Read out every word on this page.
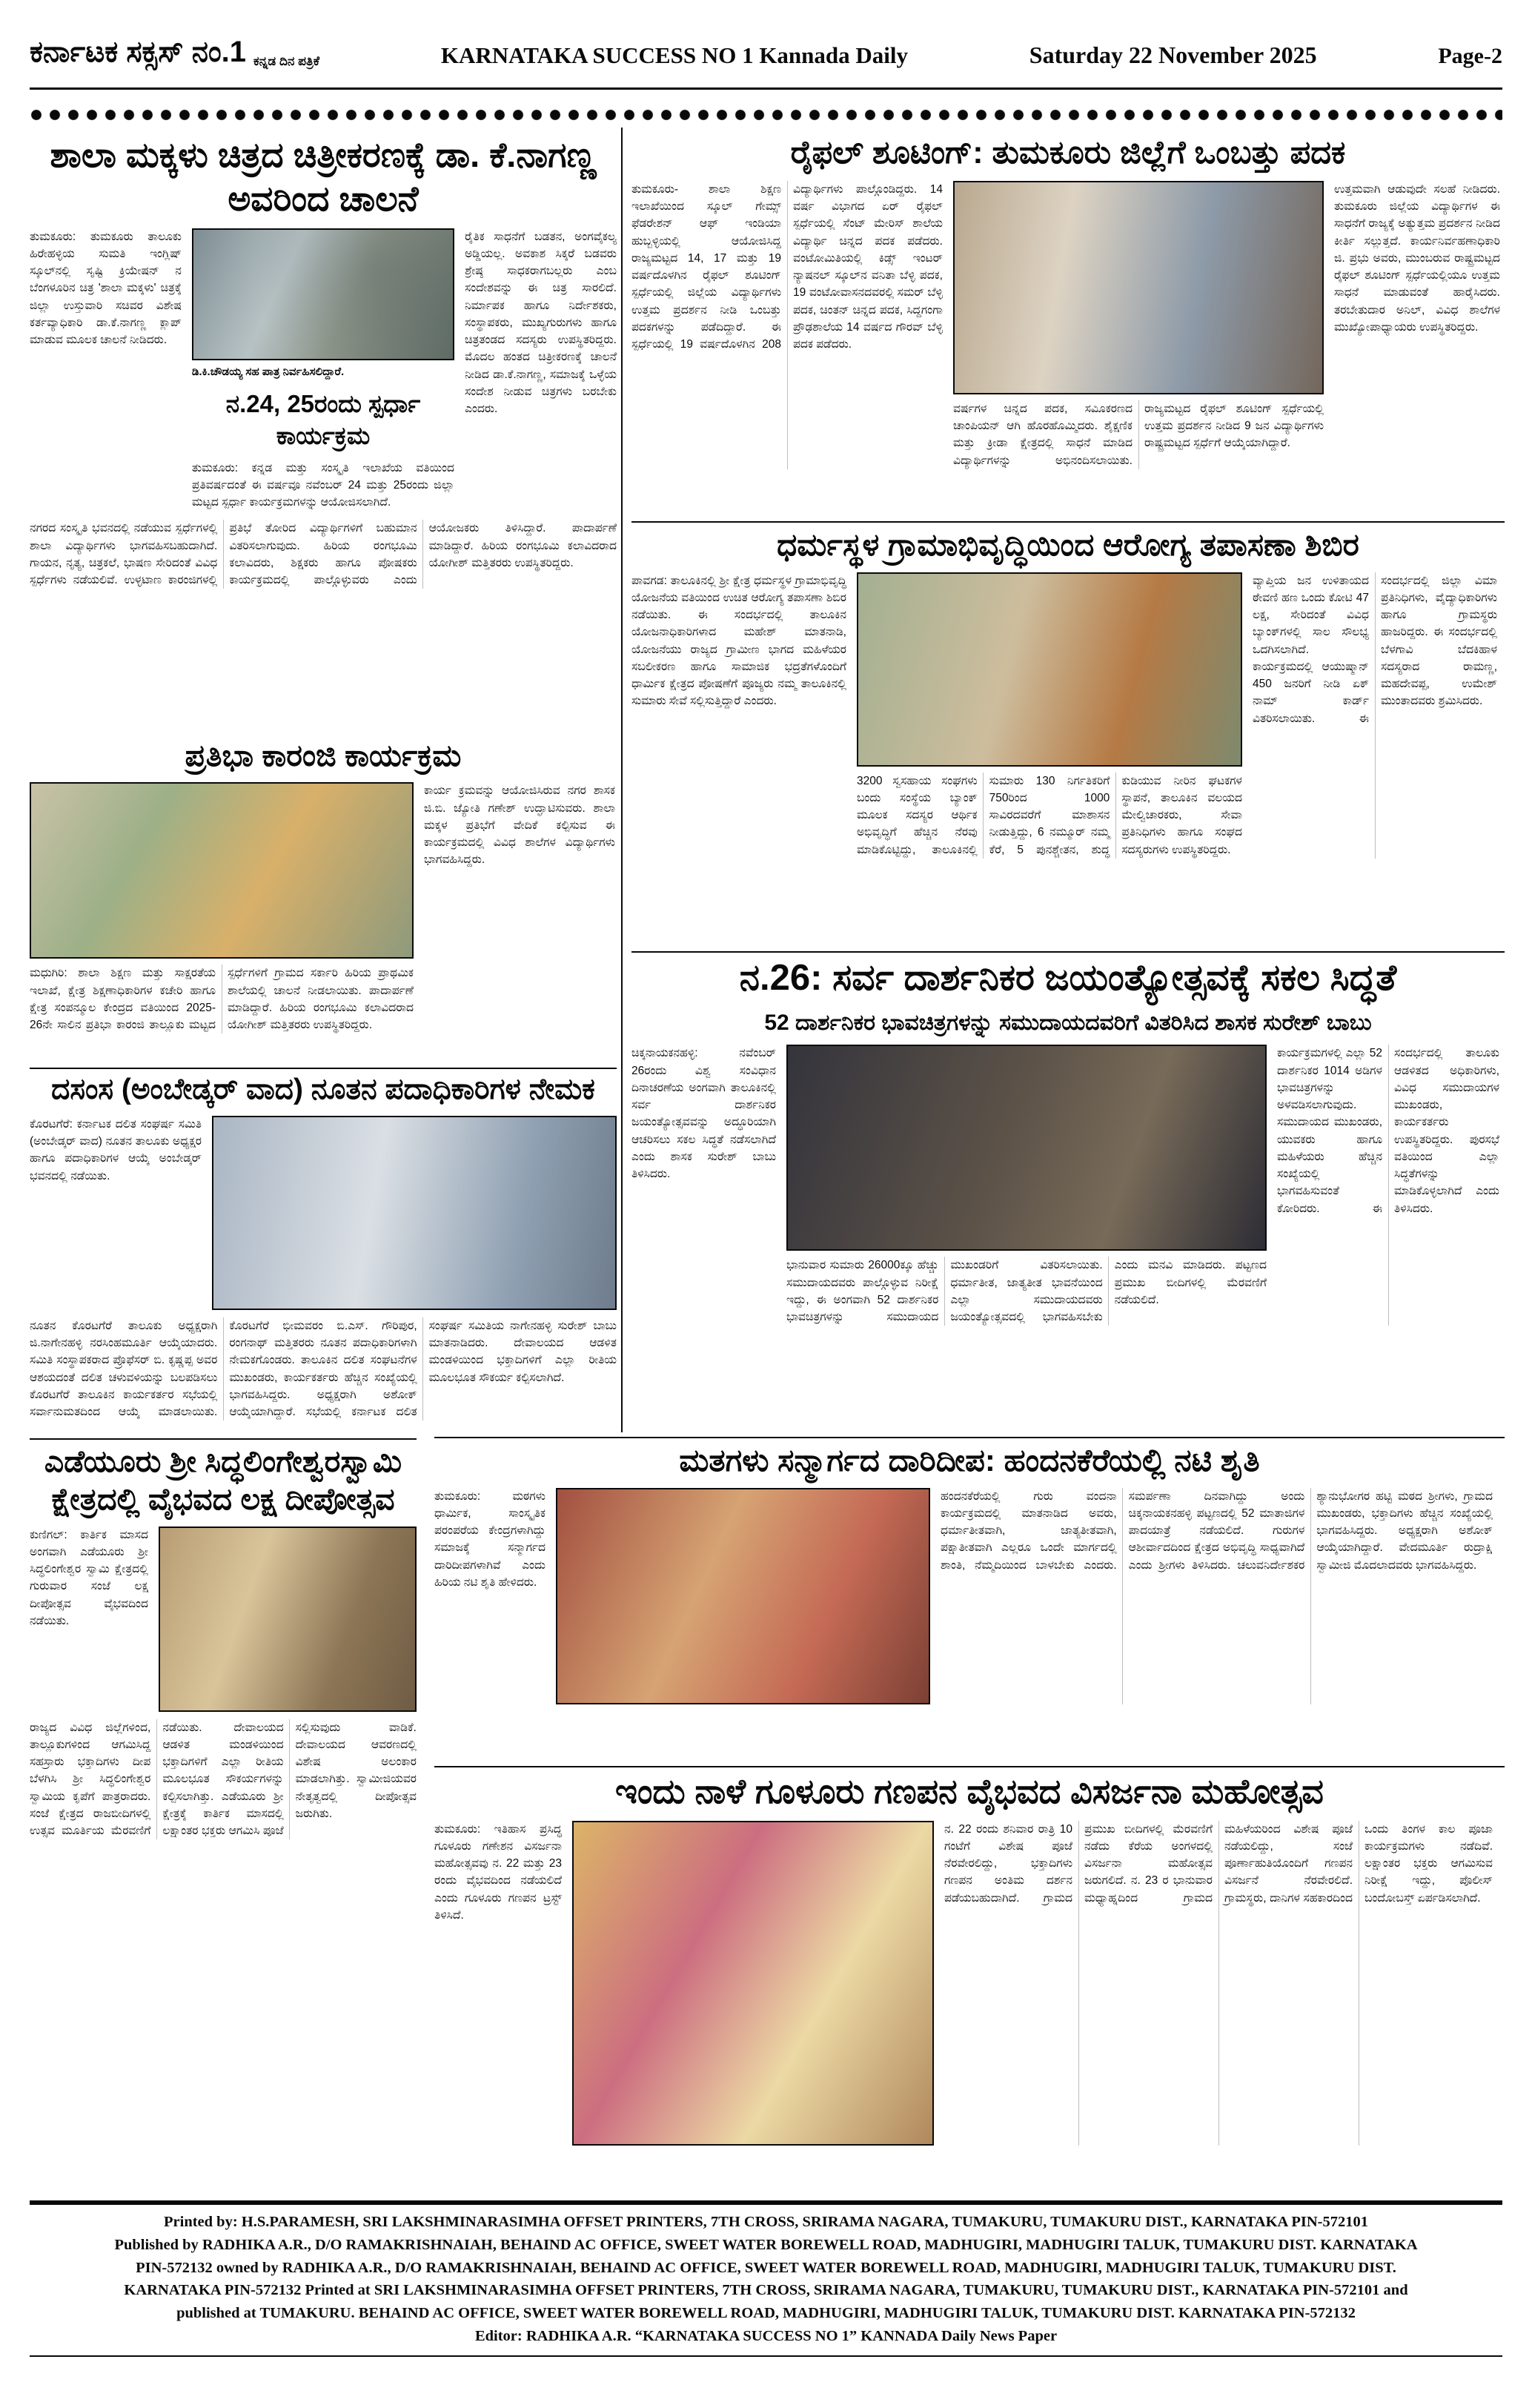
ಕರ್ನಾಟಕ ಸಕ್ಸಸ್ ನಂ.1 ಕನ್ನಡ ದಿನ ಪತ್ರಿಕೆ	KARNATAKA SUCCESS NO 1 Kannada Daily	Saturday 22 November 2025	Page-2
ಶಾಲಾ ಮಕ್ಕಳು ಚಿತ್ರದ ಚಿತ್ರೀಕರಣಕ್ಕೆ ಡಾ. ಕೆ.ನಾಗಣ್ಣ ಅವರಿಂದ ಚಾಲನೆ
ತುಮಕೂರು: ತುಮಕೂರು ತಾಲೂಕು ಹಿರೇಹಳ್ಳಿಯ ಸುಮತಿ ಇಂಗ್ಲಿಷ್ ಸ್ಕೂಲ್‌ನಲ್ಲಿ ಸೃಷ್ಟಿ ಕ್ರಿಯೇಷನ್ ನ ಬೆಂಗಳೂರಿನ ಚಿತ್ರ 'ಶಾಲಾ ಮಕ್ಕಳು' ಚಿತ್ರಕ್ಕೆ ಜಿಲ್ಲಾ ಉಸ್ತುವಾರಿ ಸಚಿವರ ವಿಶೇಷ ಕರ್ತವ್ಯಾಧಿಕಾರಿ ಡಾ.ಕೆ.ನಾಗಣ್ಣ ಕ್ಲಾಪ್ ಮಾಡುವ ಮೂಲಕ ಚಾಲನೆ ನೀಡಿದರು.
ಡಿ.ಕಿ.ಚೌಡಯ್ಯ ಸಹ ಪಾತ್ರ ನಿರ್ವಹಿಸಲಿದ್ದಾರೆ.
ನ.24, 25ರಂದು ಸ್ಪರ್ಧಾ ಕಾರ್ಯಕ್ರಮ
ತುಮಕೂರು: ಕನ್ನಡ ಮತ್ತು ಸಂಸ್ಕೃತಿ ಇಲಾಖೆಯ ವತಿಯಿಂದ ಪ್ರತಿವರ್ಷದಂತೆ ಈ ವರ್ಷವೂ ನವೆಂಬರ್ 24 ಮತ್ತು 25ರಂದು ಜಿಲ್ಲಾ ಮಟ್ಟದ ಸ್ಪರ್ಧಾ ಕಾರ್ಯಕ್ರಮಗಳನ್ನು ಆಯೋಜಿಸಲಾಗಿದೆ.
ರೈತಿಕ ಸಾಧನೆಗೆ ಬಡತನ, ಅಂಗವೈಕಲ್ಯ ಅಡ್ಡಿಯಲ್ಲ. ಅವಕಾಶ ಸಿಕ್ಕರೆ ಬಡವರು ಶ್ರೇಷ್ಠ ಸಾಧಕರಾಗಬಲ್ಲರು ಎಂಬ ಸಂದೇಶವನ್ನು ಈ ಚಿತ್ರ ಸಾರಲಿದೆ. ನಿರ್ಮಾಪಕ ಹಾಗೂ ನಿರ್ದೇಶಕರು, ಸಂಸ್ಥಾಪಕರು, ಮುಖ್ಯಗುರುಗಳು ಹಾಗೂ ಚಿತ್ರತಂಡದ ಸದಸ್ಯರು ಉಪಸ್ಥಿತರಿದ್ದರು. ಮೊದಲ ಹಂತದ ಚಿತ್ರೀಕರಣಕ್ಕೆ ಚಾಲನೆ ನೀಡಿದ ಡಾ.ಕೆ.ನಾಗಣ್ಣ, ಸಮಾಜಕ್ಕೆ ಒಳ್ಳೆಯ ಸಂದೇಶ ನೀಡುವ ಚಿತ್ರಗಳು ಬರಬೇಕು ಎಂದರು.
ನಗರದ ಸಂಸ್ಕೃತಿ ಭವನದಲ್ಲಿ ನಡೆಯುವ ಸ್ಪರ್ಧೆಗಳಲ್ಲಿ ಶಾಲಾ ವಿದ್ಯಾರ್ಥಿಗಳು ಭಾಗವಹಿಸಬಹುದಾಗಿದೆ. ಗಾಯನ, ನೃತ್ಯ, ಚಿತ್ರಕಲೆ, ಭಾಷಣ ಸೇರಿದಂತೆ ವಿವಿಧ ಸ್ಪರ್ಧೆಗಳು ನಡೆಯಲಿವೆ. ಉಳ್ಳಟಾಣ ಕಾರಂಜಿಗಳಲ್ಲಿ ಪ್ರತಿಭೆ ತೋರಿದ ವಿದ್ಯಾರ್ಥಿಗಳಿಗೆ ಬಹುಮಾನ ವಿತರಿಸಲಾಗುವುದು. ಹಿರಿಯ ರಂಗಭೂಮಿ ಕಲಾವಿದರು, ಶಿಕ್ಷಕರು ಹಾಗೂ ಪೋಷಕರು ಕಾರ್ಯಕ್ರಮದಲ್ಲಿ ಪಾಲ್ಗೊಳ್ಳುವರು ಎಂದು ಆಯೋಜಕರು ತಿಳಿಸಿದ್ದಾರೆ. ಪಾದಾರ್ಪಣೆ ಮಾಡಿದ್ದಾರೆ. ಹಿರಿಯ ರಂಗಭೂಮಿ ಕಲಾವಿದರಾದ ಯೋಗೀಶ್ ಮತ್ತಿತರರು ಉಪಸ್ಥಿತರಿದ್ದರು.
ರೈಫಲ್ ಶೂಟಿಂಗ್: ತುಮಕೂರು ಜಿಲ್ಲೆಗೆ ಒಂಬತ್ತು ಪದಕ
ತುಮಕೂರು- ಶಾಲಾ ಶಿಕ್ಷಣ ಇಲಾಖೆಯಿಂದ ಸ್ಕೂಲ್ ಗೇಮ್ಸ್ ಫೆಡರೇಶನ್ ಆಫ್ ಇಂಡಿಯಾ ಹುಬ್ಬಳ್ಳಿಯಲ್ಲಿ ಆಯೋಜಿಸಿದ್ದ ರಾಜ್ಯಮಟ್ಟದ 14, 17 ಮತ್ತು 19 ವರ್ಷದೊಳಗಿನ ರೈಫಲ್ ಶೂಟಿಂಗ್ ಸ್ಪರ್ಧೆಯಲ್ಲಿ ಜಿಲ್ಲೆಯ ವಿದ್ಯಾರ್ಥಿಗಳು ಉತ್ತಮ ಪ್ರದರ್ಶನ ನೀಡಿ ಒಂಬತ್ತು ಪದಕಗಳನ್ನು ಪಡೆದಿದ್ದಾರೆ. ಈ ಸ್ಪರ್ಧೆಯಲ್ಲಿ 19 ವರ್ಷದೊಳಗಿನ 208 ವಿದ್ಯಾರ್ಥಿಗಳು ಪಾಲ್ಗೊಂಡಿದ್ದರು. 14 ವರ್ಷ ವಿಭಾಗದ ಏರ್ ರೈಫಲ್ ಸ್ಪರ್ಧೆಯಲ್ಲಿ ಸೆಂಟ್ ಮೇರಿಸ್ ಶಾಲೆಯ ವಿದ್ಯಾರ್ಥಿ ಚಿನ್ನದ ಪದಕ ಪಡೆದರು. ವಂಟೋಮಿತಿಯಲ್ಲಿ ಕಿಡ್ಸ್ ಇಂಟರ್ ನ್ಯಾಷನಲ್ ಸ್ಕೂಲ್‌ನ ವನಿತಾ ಬೆಳ್ಳಿ ಪದಕ, 19 ವಂಟೋವಾಸನದವರಲ್ಲಿ ಸಮರ್ ಬೆಳ್ಳಿ ಪದಕ, ಚಿಂತನ್ ಚಿನ್ನದ ಪದಕ, ಸಿದ್ದಗಂಗಾ ಪ್ರೌಢಶಾಲೆಯ 14 ವರ್ಷದ ಗೌರವ್ ಬೆಳ್ಳಿ ಪದಕ ಪಡೆದರು.
ವರ್ಷಗಳ ಚಿನ್ನದ ಪದಕ, ಸವಿೂಕರಣದ ಚಾಂಪಿಯನ್ ಆಗಿ ಹೊರಹೊಮ್ಮಿದರು. ಶೈಕ್ಷಣಿಕ ಮತ್ತು ಕ್ರೀಡಾ ಕ್ಷೇತ್ರದಲ್ಲಿ ಸಾಧನೆ ಮಾಡಿದ ವಿದ್ಯಾರ್ಥಿಗಳನ್ನು ಅಭಿನಂದಿಸಲಾಯಿತು. ರಾಜ್ಯಮಟ್ಟದ ರೈಫಲ್ ಶೂಟಿಂಗ್ ಸ್ಪರ್ಧೆಯಲ್ಲಿ ಉತ್ತಮ ಪ್ರದರ್ಶನ ನೀಡಿದ 9 ಜನ ವಿದ್ಯಾರ್ಥಿಗಳು ರಾಷ್ಟ್ರಮಟ್ಟದ ಸ್ಪರ್ಧೆಗೆ ಆಯ್ಕೆಯಾಗಿದ್ದಾರೆ.
ಉತ್ತಮವಾಗಿ ಆಡುವುದೇ ಸಲಹೆ ನೀಡಿದರು. ತುಮಕೂರು ಜಿಲ್ಲೆಯ ವಿದ್ಯಾರ್ಥಿಗಳ ಈ ಸಾಧನೆಗೆ ರಾಜ್ಯಕ್ಕೆ ಅತ್ಯುತ್ತಮ ಪ್ರದರ್ಶನ ನೀಡಿದ ಕೀರ್ತಿ ಸಲ್ಲುತ್ತದೆ. ಕಾರ್ಯನಿರ್ವಹಣಾಧಿಕಾರಿ ಜಿ. ಪ್ರಭು ಅವರು, ಮುಂಬರುವ ರಾಷ್ಟ್ರಮಟ್ಟದ ರೈಫಲ್ ಶೂಟಿಂಗ್ ಸ್ಪರ್ಧೆಯಲ್ಲಿಯೂ ಉತ್ತಮ ಸಾಧನೆ ಮಾಡುವಂತೆ ಹಾರೈಸಿದರು. ತರಬೇತುದಾರ ಅನಿಲ್, ವಿವಿಧ ಶಾಲೆಗಳ ಮುಖ್ಯೋಪಾಧ್ಯಾಯರು ಉಪಸ್ಥಿತರಿದ್ದರು.
ಧರ್ಮಸ್ಥಳ ಗ್ರಾಮಾಭಿವೃದ್ಧಿಯಿಂದ ಆರೋಗ್ಯ ತಪಾಸಣಾ ಶಿಬಿರ
ಪಾವಗಡ: ತಾಲೂಕಿನಲ್ಲಿ ಶ್ರೀ ಕ್ಷೇತ್ರ ಧರ್ಮಸ್ಥಳ ಗ್ರಾಮಾಭಿವೃದ್ಧಿ ಯೋಜನೆಯ ವತಿಯಿಂದ ಉಚಿತ ಆರೋಗ್ಯ ತಪಾಸಣಾ ಶಿಬಿರ ನಡೆಯಿತು. ಈ ಸಂದರ್ಭದಲ್ಲಿ ತಾಲೂಕಿನ ಯೋಜನಾಧಿಕಾರಿಗಳಾದ ಮಹೇಶ್ ಮಾತನಾಡಿ, ಯೋಜನೆಯು ರಾಜ್ಯದ ಗ್ರಾಮೀಣ ಭಾಗದ ಮಹಿಳೆಯರ ಸಬಲೀಕರಣ ಹಾಗೂ ಸಾಮಾಜಿಕ ಭದ್ರತೆಗಳೊಂದಿಗೆ ಧಾರ್ಮಿಕ ಕ್ಷೇತ್ರದ ಪೋಷಣೆಗೆ ಪೂಜ್ಯರು ನಮ್ಮ ತಾಲೂಕಿನಲ್ಲಿ ಸುಮಾರು ಸೇವೆ ಸಲ್ಲಿಸುತ್ತಿದ್ದಾರೆ ಎಂದರು.
3200 ಸ್ವಸಹಾಯ ಸಂಘಗಳು ಬಂದು ಸಂಸ್ಥೆಯ ಬ್ಯಾಂಕ್ ಮೂಲಕ ಸದಸ್ಯರ ಆರ್ಥಿಕ ಅಭಿವೃದ್ಧಿಗೆ ಹೆಚ್ಚಿನ ನೆರವು ಮಾಡಿಕೊಟ್ಟಿದ್ದು, ತಾಲೂಕಿನಲ್ಲಿ ಸುಮಾರು 130 ನಿರ್ಗತಿಕರಿಗೆ 750ರಿಂದ 1000 ಸಾವಿರದವರೆಗೆ ಮಾಶಾಸನ ನೀಡುತ್ತಿದ್ದು, 6 ನಮ್ಮೂರ್ ನಮ್ಮ ಕೆರೆ, 5 ಪುನಶ್ಚೇತನ, ಶುದ್ಧ ಕುಡಿಯುವ ನೀರಿನ ಘಟಕಗಳ ಸ್ಥಾಪನೆ, ತಾಲೂಕಿನ ವಲಯದ ಮೇಲ್ವಿಚಾರಕರು, ಸೇವಾ ಪ್ರತಿನಿಧಿಗಳು ಹಾಗೂ ಸಂಘದ ಸದಸ್ಯರುಗಳು ಉಪಸ್ಥಿತರಿದ್ದರು.
ವ್ಯಾಪ್ತಿಯ ಜನ ಉಳಿತಾಯದ ಠೇವಣಿ ಹಣ ಒಂದು ಕೋಟಿ 47 ಲಕ್ಷ, ಸೇರಿದಂತೆ ವಿವಿಧ ಬ್ಯಾಂಕ್‌ಗಳಲ್ಲಿ ಸಾಲ ಸೌಲಭ್ಯ ಒದಗಿಸಲಾಗಿದೆ. ಕಾರ್ಯಕ್ರಮದಲ್ಲಿ ಆಯುಷ್ಮಾನ್ 450 ಜನರಿಗೆ ನೀಡಿ ಏಕ್ ನಾಮ್ ಕಾರ್ಡ್ ವಿತರಿಸಲಾಯಿತು. ಈ ಸಂದರ್ಭದಲ್ಲಿ ಜಿಲ್ಲಾ ವಿಮಾ ಪ್ರತಿನಿಧಿಗಳು, ವೈದ್ಯಾಧಿಕಾರಿಗಳು ಹಾಗೂ ಗ್ರಾಮಸ್ಥರು ಹಾಜರಿದ್ದರು. ಈ ಸಂದರ್ಭದಲ್ಲಿ ಬೆಳಗಾವಿ ಬೆದಕಿಹಾಳ ಸದಸ್ಯರಾದ ರಾಮಣ್ಣ, ಮಹದೇವಪ್ಪ, ಉಮೇಶ್ ಮುಂತಾದವರು ಶ್ರಮಿಸಿದರು.
ನ.26: ಸರ್ವ ದಾರ್ಶನಿಕರ ಜಯಂತ್ಯೋತ್ಸವಕ್ಕೆ ಸಕಲ ಸಿದ್ಧತೆ
52 ದಾರ್ಶನಿಕರ ಭಾವಚಿತ್ರಗಳನ್ನು ಸಮುದಾಯದವರಿಗೆ ವಿತರಿಸಿದ ಶಾಸಕ ಸುರೇಶ್ ಬಾಬು
ಚಿಕ್ಕನಾಯಕನಹಳ್ಳಿ: ನವೆಂಬರ್ 26ರಂದು ವಿಶ್ವ ಸಂವಿಧಾನ ದಿನಾಚರಣೆಯ ಅಂಗವಾಗಿ ತಾಲೂಕಿನಲ್ಲಿ ಸರ್ವ ದಾರ್ಶನಿಕರ ಜಯಂತ್ಯೋತ್ಸವವನ್ನು ಅದ್ಧೂರಿಯಾಗಿ ಆಚರಿಸಲು ಸಕಲ ಸಿದ್ಧತೆ ನಡೆಸಲಾಗಿದೆ ಎಂದು ಶಾಸಕ ಸುರೇಶ್ ಬಾಬು ತಿಳಿಸಿದರು.
ಭಾನುವಾರ ಸುಮಾರು 26000ಕ್ಕೂ ಹೆಚ್ಚು ಸಮುದಾಯದವರು ಪಾಲ್ಗೊಳ್ಳುವ ನಿರೀಕ್ಷೆ ಇದ್ದು, ಈ ಅಂಗವಾಗಿ 52 ದಾರ್ಶನಿಕರ ಭಾವಚಿತ್ರಗಳನ್ನು ಸಮುದಾಯದ ಮುಖಂಡರಿಗೆ ವಿತರಿಸಲಾಯಿತು. ಧರ್ಮಾತೀತ, ಜಾತ್ಯತೀತ ಭಾವನೆಯಿಂದ ಎಲ್ಲಾ ಸಮುದಾಯದವರು ಜಯಂತ್ಯೋತ್ಸವದಲ್ಲಿ ಭಾಗವಹಿಸಬೇಕು ಎಂದು ಮನವಿ ಮಾಡಿದರು. ಪಟ್ಟಣದ ಪ್ರಮುಖ ಬೀದಿಗಳಲ್ಲಿ ಮೆರವಣಿಗೆ ನಡೆಯಲಿದೆ.
ಕಾರ್ಯಕ್ರಮಗಳಲ್ಲಿ ಎಲ್ಲಾ 52 ದಾರ್ಶನಿಕರ 1014 ಅಡಿಗಳ ಭಾವಚಿತ್ರಗಳನ್ನು ಅಳವಡಿಸಲಾಗುವುದು. ಸಮುದಾಯದ ಮುಖಂಡರು, ಯುವಕರು ಹಾಗೂ ಮಹಿಳೆಯರು ಹೆಚ್ಚಿನ ಸಂಖ್ಯೆಯಲ್ಲಿ ಭಾಗವಹಿಸುವಂತೆ ಕೋರಿದರು. ಈ ಸಂದರ್ಭದಲ್ಲಿ ತಾಲೂಕು ಆಡಳಿತದ ಅಧಿಕಾರಿಗಳು, ವಿವಿಧ ಸಮುದಾಯಗಳ ಮುಖಂಡರು, ಕಾರ್ಯಕರ್ತರು ಉಪಸ್ಥಿತರಿದ್ದರು. ಪುರಸಭೆ ವತಿಯಿಂದ ಎಲ್ಲಾ ಸಿದ್ಧತೆಗಳನ್ನು ಮಾಡಿಕೊಳ್ಳಲಾಗಿದೆ ಎಂದು ತಿಳಿಸಿದರು.
ಪ್ರತಿಭಾ ಕಾರಂಜಿ ಕಾರ್ಯಕ್ರಮ
ಮಧುಗಿರಿ: ಶಾಲಾ ಶಿಕ್ಷಣ ಮತ್ತು ಸಾಕ್ಷರತೆಯ ಇಲಾಖೆ, ಕ್ಷೇತ್ರ ಶಿಕ್ಷಣಾಧಿಕಾರಿಗಳ ಕಚೇರಿ ಹಾಗೂ ಕ್ಷೇತ್ರ ಸಂಪನ್ಮೂಲ ಕೇಂದ್ರದ ವತಿಯಿಂದ 2025-26ನೇ ಸಾಲಿನ ಪ್ರತಿಭಾ ಕಾರಂಜಿ ತಾಲ್ಲೂಕು ಮಟ್ಟದ ಸ್ಪರ್ಧೆಗಳಿಗೆ ಗ್ರಾಮದ ಸರ್ಕಾರಿ ಹಿರಿಯ ಪ್ರಾಥಮಿಕ ಶಾಲೆಯಲ್ಲಿ ಚಾಲನೆ ನೀಡಲಾಯಿತು. ಪಾದಾರ್ಪಣೆ ಮಾಡಿದ್ದಾರೆ. ಹಿರಿಯ ರಂಗಭೂಮಿ ಕಲಾವಿದರಾದ ಯೋಗೀಶ್ ಮತ್ತಿತರರು ಉಪಸ್ಥಿತರಿದ್ದರು.
ಕಾರ್ಯ ಕ್ರಮವನ್ನು ಆಯೋಜಿಸಿರುವ ನಗರ ಶಾಸಕ ಜಿ.ಬಿ. ಜ್ಯೋತಿ ಗಣೇಶ್ ಉದ್ಘಾಟಿಸುವರು. ಶಾಲಾ ಮಕ್ಕಳ ಪ್ರತಿಭೆಗೆ ವೇದಿಕೆ ಕಲ್ಪಿಸುವ ಈ ಕಾರ್ಯಕ್ರಮದಲ್ಲಿ ವಿವಿಧ ಶಾಲೆಗಳ ವಿದ್ಯಾರ್ಥಿಗಳು ಭಾಗವಹಿಸಿದ್ದರು.
ದಸಂಸ (ಅಂಬೇಡ್ಕರ್ ವಾದ) ನೂತನ ಪದಾಧಿಕಾರಿಗಳ ನೇಮಕ
ಕೊರಟಗೆರೆ: ಕರ್ನಾಟಕ ದಲಿತ ಸಂಘರ್ಷ ಸಮಿತಿ (ಅಂಬೇಡ್ಕರ್ ವಾದ) ನೂತನ ತಾಲೂಕು ಅಧ್ಯಕ್ಷರ ಹಾಗೂ ಪದಾಧಿಕಾರಿಗಳ ಆಯ್ಕೆ ಅಂಬೇಡ್ಕರ್ ಭವನದಲ್ಲಿ ನಡೆಯಿತು.
ನೂತನ ಕೊರಟಗೆರೆ ತಾಲೂಕು ಅಧ್ಯಕ್ಷರಾಗಿ ಜಿ.ನಾಗೇನಹಳ್ಳಿ ನರಸಿಂಹಮೂರ್ತಿ ಆಯ್ಕೆಯಾದರು. ಸಮಿತಿ ಸಂಸ್ಥಾಪಕರಾದ ಪ್ರೊಫೆಸರ್ ಬಿ. ಕೃಷ್ಣಪ್ಪ ಅವರ ಆಶಯದಂತೆ ದಲಿತ ಚಳುವಳಿಯನ್ನು ಬಲಪಡಿಸಲು ಕೊರಟಗೆರೆ ತಾಲೂಕಿನ ಕಾರ್ಯಕರ್ತರ ಸಭೆಯಲ್ಲಿ ಸರ್ವಾನುಮತದಿಂದ ಆಯ್ಕೆ ಮಾಡಲಾಯಿತು. ಕೊರಟಗೆರೆ ಭೀಮವರಂ ಬಿ.ಎಸ್. ಗೌರಿಪುರ, ರಂಗನಾಥ್ ಮತ್ತಿತರರು ನೂತನ ಪದಾಧಿಕಾರಿಗಳಾಗಿ ನೇಮಕಗೊಂಡರು. ತಾಲೂಕಿನ ದಲಿತ ಸಂಘಟನೆಗಳ ಮುಖಂಡರು, ಕಾರ್ಯಕರ್ತರು ಹೆಚ್ಚಿನ ಸಂಖ್ಯೆಯಲ್ಲಿ ಭಾಗವಹಿಸಿದ್ದರು. ಅಧ್ಯಕ್ಷರಾಗಿ ಅಶೋಕ್ ಆಯ್ಕೆಯಾಗಿದ್ದಾರೆ. ಸಭೆಯಲ್ಲಿ ಕರ್ನಾಟಕ ದಲಿತ ಸಂಘರ್ಷ ಸಮಿತಿಯ ನಾಗೇನಹಳ್ಳಿ ಸುರೇಶ್ ಬಾಬು ಮಾತನಾಡಿದರು. ದೇವಾಲಯದ ಆಡಳಿತ ಮಂಡಳಿಯಿಂದ ಭಕ್ತಾದಿಗಳಿಗೆ ಎಲ್ಲಾ ರೀತಿಯ ಮೂಲಭೂತ ಸೌಕರ್ಯ ಕಲ್ಪಿಸಲಾಗಿದೆ.
ಎಡೆಯೂರು ಶ್ರೀ ಸಿದ್ಧಲಿಂಗೇಶ್ವರಸ್ವಾಮಿ ಕ್ಷೇತ್ರದಲ್ಲಿ ವೈಭವದ ಲಕ್ಷ ದೀಪೋತ್ಸವ
ಕುಣಿಗಲ್: ಕಾರ್ತಿಕ ಮಾಸದ ಅಂಗವಾಗಿ ಎಡೆಯೂರು ಶ್ರೀ ಸಿದ್ಧಲಿಂಗೇಶ್ವರ ಸ್ವಾಮಿ ಕ್ಷೇತ್ರದಲ್ಲಿ ಗುರುವಾರ ಸಂಜೆ ಲಕ್ಷ ದೀಪೋತ್ಸವ ವೈಭವದಿಂದ ನಡೆಯಿತು.
ರಾಜ್ಯದ ವಿವಿಧ ಜಿಲ್ಲೆಗಳಿಂದ, ತಾಲ್ಲೂಕುಗಳಿಂದ ಆಗಮಿಸಿದ್ದ ಸಹಸ್ರಾರು ಭಕ್ತಾದಿಗಳು ದೀಪ ಬೆಳಗಿಸಿ ಶ್ರೀ ಸಿದ್ಧಲಿಂಗೇಶ್ವರ ಸ್ವಾಮಿಯ ಕೃಪೆಗೆ ಪಾತ್ರರಾದರು. ಸಂಜೆ ಕ್ಷೇತ್ರದ ರಾಜಬೀದಿಗಳಲ್ಲಿ ಉತ್ಸವ ಮೂರ್ತಿಯ ಮೆರವಣಿಗೆ ನಡೆಯಿತು. ದೇವಾಲಯದ ಆಡಳಿತ ಮಂಡಳಿಯಿಂದ ಭಕ್ತಾದಿಗಳಿಗೆ ಎಲ್ಲಾ ರೀತಿಯ ಮೂಲಭೂತ ಸೌಕರ್ಯಗಳನ್ನು ಕಲ್ಪಿಸಲಾಗಿತ್ತು. ಎಡೆಯೂರು ಶ್ರೀ ಕ್ಷೇತ್ರಕ್ಕೆ ಕಾರ್ತಿಕ ಮಾಸದಲ್ಲಿ ಲಕ್ಷಾಂತರ ಭಕ್ತರು ಆಗಮಿಸಿ ಪೂಜೆ ಸಲ್ಲಿಸುವುದು ವಾಡಿಕೆ. ದೇವಾಲಯದ ಆವರಣದಲ್ಲಿ ವಿಶೇಷ ಅಲಂಕಾರ ಮಾಡಲಾಗಿತ್ತು. ಸ್ವಾಮೀಜಿಯವರ ನೇತೃತ್ವದಲ್ಲಿ ದೀಪೋತ್ಸವ ಜರುಗಿತು.
ಮತಗಳು ಸನ್ಮಾರ್ಗದ ದಾರಿದೀಪ: ಹಂದನಕೆರೆಯಲ್ಲಿ ನಟಿ ಶೃತಿ
ತುಮಕೂರು: ಮಠಗಳು ಧಾರ್ಮಿಕ, ಸಾಂಸ್ಕೃತಿಕ ಪರಂಪರೆಯ ಕೇಂದ್ರಗಳಾಗಿದ್ದು ಸಮಾಜಕ್ಕೆ ಸನ್ಮಾರ್ಗದ ದಾರಿದೀಪಗಳಾಗಿವೆ ಎಂದು ಹಿರಿಯ ನಟಿ ಶೃತಿ ಹೇಳಿದರು.
ಹಂದನಕೆರೆಯಲ್ಲಿ ಗುರು ವಂದನಾ ಕಾರ್ಯಕ್ರಮದಲ್ಲಿ ಮಾತನಾಡಿದ ಅವರು, ಧರ್ಮಾತೀತವಾಗಿ, ಜಾತ್ಯತೀತವಾಗಿ, ಪಕ್ಷಾತೀತವಾಗಿ ಎಲ್ಲರೂ ಒಂದೇ ಮಾರ್ಗದಲ್ಲಿ ಶಾಂತಿ, ನೆಮ್ಮದಿಯಿಂದ ಬಾಳಬೇಕು ಎಂದರು. ಸಮರ್ಪಣಾ ದಿನವಾಗಿದ್ದು ಅಂದು ಚಿಕ್ಕನಾಯಕನಹಳ್ಳಿ ಪಟ್ಟಣದಲ್ಲಿ 52 ಮಾತಾಜಿಗಳ ಪಾದಯಾತ್ರೆ ನಡೆಯಲಿದೆ. ಗುರುಗಳ ಆಶೀರ್ವಾದದಿಂದ ಕ್ಷೇತ್ರದ ಅಭಿವೃದ್ಧಿ ಸಾಧ್ಯವಾಗಿದೆ ಎಂದು ಶ್ರೀಗಳು ತಿಳಿಸಿದರು. ಚಲುವನಿರ್ದೇಶಕರ ಶ್ಯಾನುಭೋಗರ ಹಟ್ಟಿ ಮಠದ ಶ್ರೀಗಳು, ಗ್ರಾಮದ ಮುಖಂಡರು, ಭಕ್ತಾದಿಗಳು ಹೆಚ್ಚಿನ ಸಂಖ್ಯೆಯಲ್ಲಿ ಭಾಗವಹಿಸಿದ್ದರು. ಅಧ್ಯಕ್ಷರಾಗಿ ಅಶೋಕ್ ಆಯ್ಕೆಯಾಗಿದ್ದಾರೆ. ವೇದಮೂರ್ತಿ ರುದ್ರಾಕ್ಷಿ ಸ್ವಾಮೀಜಿ ಮೊದಲಾದವರು ಭಾಗವಹಿಸಿದ್ದರು.
ಇಂದು ನಾಳೆ ಗೂಳೂರು ಗಣಪನ ವೈಭವದ ವಿಸರ್ಜನಾ ಮಹೋತ್ಸವ
ತುಮಕೂರು: ಇತಿಹಾಸ ಪ್ರಸಿದ್ಧ ಗೂಳೂರು ಗಣೇಶನ ವಿಸರ್ಜನಾ ಮಹೋತ್ಸವವು ನ. 22 ಮತ್ತು 23 ರಂದು ವೈಭವದಿಂದ ನಡೆಯಲಿದೆ ಎಂದು ಗೂಳೂರು ಗಣಪನ ಟ್ರಸ್ಟ್ ತಿಳಿಸಿದೆ.
ನ. 22 ರಂದು ಶನಿವಾರ ರಾತ್ರಿ 10 ಗಂಟೆಗೆ ವಿಶೇಷ ಪೂಜೆ ನೆರವೇರಲಿದ್ದು, ಭಕ್ತಾದಿಗಳು ಗಣಪನ ಅಂತಿಮ ದರ್ಶನ ಪಡೆಯಬಹುದಾಗಿದೆ. ಗ್ರಾಮದ ಪ್ರಮುಖ ಬೀದಿಗಳಲ್ಲಿ ಮೆರವಣಿಗೆ ನಡೆದು ಕೆರೆಯ ಅಂಗಳದಲ್ಲಿ ವಿಸರ್ಜನಾ ಮಹೋತ್ಸವ ಜರುಗಲಿದೆ. ನ. 23 ರ ಭಾನುವಾರ ಮಧ್ಯಾಹ್ನದಿಂದ ಗ್ರಾಮದ ಮಹಿಳೆಯರಿಂದ ವಿಶೇಷ ಪೂಜೆ ನಡೆಯಲಿದ್ದು, ಸಂಜೆ ಪೂರ್ಣಾಹುತಿಯೊಂದಿಗೆ ಗಣಪನ ವಿಸರ್ಜನೆ ನೆರವೇರಲಿದೆ. ಗ್ರಾಮಸ್ಥರು, ದಾನಿಗಳ ಸಹಕಾರದಿಂದ ಒಂದು ತಿಂಗಳ ಕಾಲ ಪೂಜಾ ಕಾರ್ಯಕ್ರಮಗಳು ನಡೆದಿವೆ. ಲಕ್ಷಾಂತರ ಭಕ್ತರು ಆಗಮಿಸುವ ನಿರೀಕ್ಷೆ ಇದ್ದು, ಪೊಲೀಸ್ ಬಂದೋಬಸ್ತ್ ಏರ್ಪಡಿಸಲಾಗಿದೆ.
Printed by: H.S.PARAMESH, SRI LAKSHMINARASIMHA OFFSET PRINTERS, 7TH CROSS, SRIRAMA NAGARA, TUMAKURU, TUMAKURU DIST., KARNATAKA PIN-572101
Published by RADHIKA A.R., D/O RAMAKRISHNAIAH, BEHAIND AC OFFICE, SWEET WATER BOREWELL ROAD, MADHUGIRI, MADHUGIRI TALUK, TUMAKURU DIST. KARNATAKA
PIN-572132 owned by RADHIKA A.R., D/O RAMAKRISHNAIAH, BEHAIND AC OFFICE, SWEET WATER BOREWELL ROAD, MADHUGIRI, MADHUGIRI TALUK, TUMAKURU DIST.
KARNATAKA PIN-572132 Printed at SRI LAKSHMINARASIMHA OFFSET PRINTERS, 7TH CROSS, SRIRAMA NAGARA, TUMAKURU, TUMAKURU DIST., KARNATAKA PIN-572101 and
published at TUMAKURU. BEHAIND AC OFFICE, SWEET WATER BOREWELL ROAD, MADHUGIRI, MADHUGIRI TALUK, TUMAKURU DIST. KARNATAKA PIN-572132
Editor: RADHIKA A.R. “KARNATAKA SUCCESS NO 1” KANNADA Daily News Paper
